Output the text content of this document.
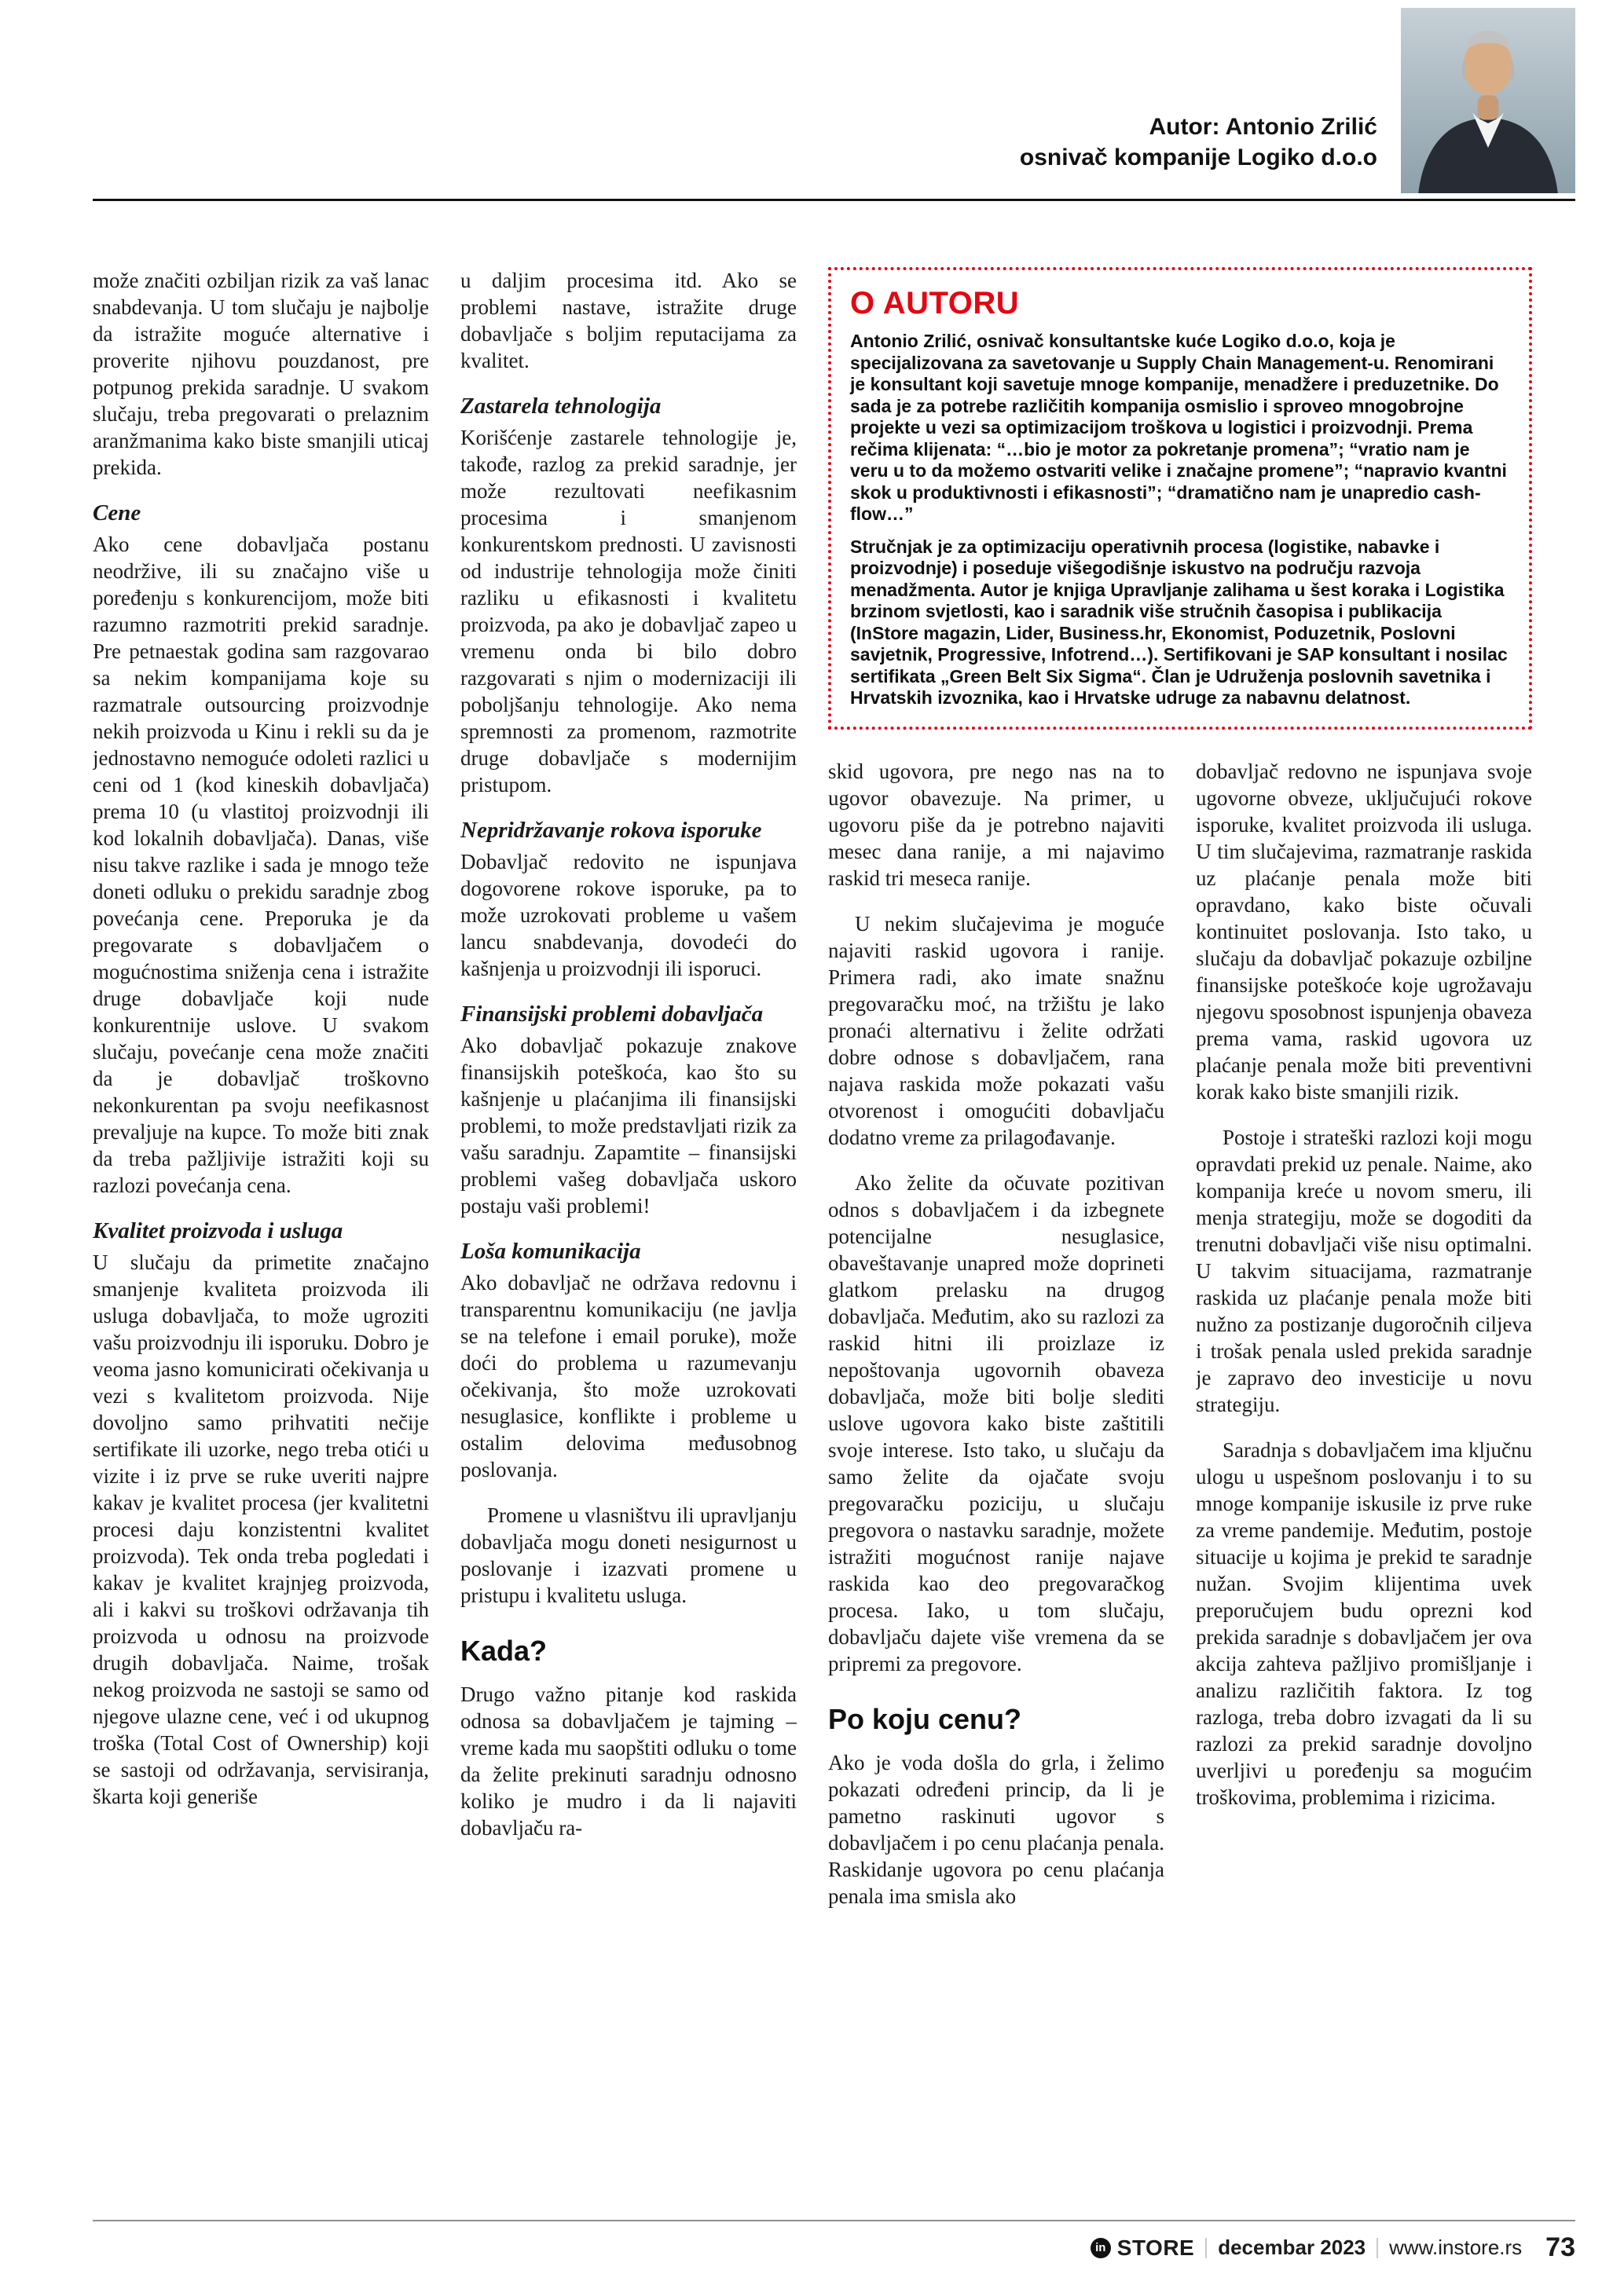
Autor: Antonio Zrilić
osnivač kompanije Logiko d.o.o

može značiti ozbiljan rizik za vaš lanac snabdevanja. U tom slučaju je najbolje da istražite moguće alternative i proverite njihovu pouzdanost, pre potpunog prekida saradnje. U svakom slučaju, treba pregovarati o prelaznim aranžmanima kako biste smanjili uticaj prekida.

Cene

Ako cene dobavljača postanu neodržive, ili su značajno više u poređenju s konkurencijom, može biti razumno razmotriti prekid saradnje. Pre petnaestak godina sam razgovarao sa nekim kompanijama koje su razmatrale outsourcing proizvodnje nekih proizvoda u Kinu i rekli su da je jednostavno nemoguće odoleti razlici u ceni od 1 (kod kineskih dobavljača) prema 10 (u vlastitoj proizvodnji ili kod lokalnih dobavljača). Danas, više nisu takve razlike i sada je mnogo teže doneti odluku o prekidu saradnje zbog povećanja cene. Preporuka je da pregovarate s dobavljačem o mogućnostima sniženja cena i istražite druge dobavljače koji nude konkurentnije uslove. U svakom slučaju, povećanje cena može značiti da je dobavljač troškovno nekonkurentan pa svoju neefikasnost prevaljuje na kupce. To može biti znak da treba pažljivije istražiti koji su razlozi povećanja cena.

Kvalitet proizvoda i usluga

U slučaju da primetite značajno smanjenje kvaliteta proizvoda ili usluga dobavljača, to može ugroziti vašu proizvodnju ili isporuku. Dobro je veoma jasno komunicirati očekivanja u vezi s kvalitetom proizvoda. Nije dovoljno samo prihvatiti nečije sertifikate ili uzorke, nego treba otići u vizite i iz prve se ruke uveriti najpre kakav je kvalitet procesa (jer kvalitetni procesi daju konzistentni kvalitet proizvoda). Tek onda treba pogledati i kakav je kvalitet krajnjeg proizvoda, ali i kakvi su troškovi održavanja tih proizvoda u odnosu na proizvode drugih dobavljača. Naime, trošak nekog proizvoda ne sastoji se samo od njegove ulazne cene, već i od ukupnog troška (Total Cost of Ownership) koji se sastoji od održavanja, servisiranja, škarta koji generiše

u daljim procesima itd. Ako se problemi nastave, istražite druge dobavljače s boljim reputacijama za kvalitet.

Zastarela tehnologija

Korišćenje zastarele tehnologije je, takođe, razlog za prekid saradnje, jer može rezultovati neefikasnim procesima i smanjenom konkurentskom prednosti. U zavisnosti od industrije tehnologija može činiti razliku u efikasnosti i kvalitetu proizvoda, pa ako je dobavljač zapeo u vremenu onda bi bilo dobro razgovarati s njim o modernizaciji ili poboljšanju tehnologije. Ako nema spremnosti za promenom, razmotrite druge dobavljače s modernijim pristupom.

Nepridržavanje rokova isporuke

Dobavljač redovito ne ispunjava dogovorene rokove isporuke, pa to može uzrokovati probleme u vašem lancu snabdevanja, dovodeći do kašnjenja u proizvodnji ili isporuci.

Finansijski problemi dobavljača

Ako dobavljač pokazuje znakove finansijskih poteškoća, kao što su kašnjenje u plaćanjima ili finansijski problemi, to može predstavljati rizik za vašu saradnju. Zapamtite – finansijski problemi vašeg dobavljača uskoro postaju vaši problemi!

Loša komunikacija

Ako dobavljač ne održava redovnu i transparentnu komunikaciju (ne javlja se na telefone i email poruke), može doći do problema u razumevanju očekivanja, što može uzrokovati nesuglasice, konflikte i probleme u ostalim delovima međusobnog poslovanja.

Promene u vlasništvu ili upravljanju dobavljača mogu doneti nesigurnost u poslovanje i izazvati promene u pristupu i kvalitetu usluga.

Kada?

Drugo važno pitanje kod raskida odnosa sa dobavljačem je tajming – vreme kada mu saopštiti odluku o tome da želite prekinuti saradnju odnosno koliko je mudro i da li najaviti dobavljaču ra-

O AUTORU

Antonio Zrilić, osnivač konsultantske kuće Logiko d.o.o, koja je specijalizovana za savetovanje u Supply Chain Management-u. Renomirani je konsultant koji savetuje mnoge kompanije, menadžere i preduzetnike. Do sada je za potrebe različitih kompanija osmislio i sproveo mnogobrojne projekte u vezi sa optimizacijom troškova u logistici i proizvodnji. Prema rečima klijenata: “…bio je motor za pokretanje promena”; “vratio nam je veru u to da možemo ostvariti velike i značajne promene”; “napravio kvantni skok u produktivnosti i efikasnosti”; “dramatično nam je unapredio cash-flow…”

Stručnjak je za optimizaciju operativnih procesa (logistike, nabavke i proizvodnje) i poseduje višegodišnje iskustvo na području razvoja menadžmenta. Autor je knjiga Upravljanje zalihama u šest koraka i Logistika brzinom svjetlosti, kao i saradnik više stručnih časopisa i publikacija (InStore magazin, Lider, Business.hr, Ekonomist, Poduzetnik, Poslovni savjetnik, Progressive, Infotrend…). Sertifikovani je SAP konsultant i nosilac sertifikata „Green Belt Six Sigma“. Član je Udruženja poslovnih savetnika i Hrvatskih izvoznika, kao i Hrvatske udruge za nabavnu delatnost.

skid ugovora, pre nego nas na to ugovor obavezuje. Na primer, u ugovoru piše da je potrebno najaviti mesec dana ranije, a mi najavimo raskid tri meseca ranije.

U nekim slučajevima je moguće najaviti raskid ugovora i ranije. Primera radi, ako imate snažnu pregovaračku moć, na tržištu je lako pronaći alternativu i želite održati dobre odnose s dobavljačem, rana najava raskida može pokazati vašu otvorenost i omogućiti dobavljaču dodatno vreme za prilagođavanje.

Ako želite da očuvate pozitivan odnos s dobavljačem i da izbegnete potencijalne nesuglasice, obaveštavanje unapred može doprineti glatkom prelasku na drugog dobavljača. Međutim, ako su razlozi za raskid hitni ili proizlaze iz nepoštovanja ugovornih obaveza dobavljača, može biti bolje slediti uslove ugovora kako biste zaštitili svoje interese. Isto tako, u slučaju da samo želite da ojačate svoju pregovaračku poziciju, u slučaju pregovora o nastavku saradnje, možete istražiti mogućnost ranije najave raskida kao deo pregovaračkog procesa. Iako, u tom slučaju, dobavljaču dajete više vremena da se pripremi za pregovore.

Po koju cenu?

Ako je voda došla do grla, i želimo pokazati određeni princip, da li je pametno raskinuti ugovor s dobavljačem i po cenu plaćanja penala. Raskidanje ugovora po cenu plaćanja penala ima smisla ako

dobavljač redovno ne ispunjava svoje ugovorne obveze, uključujući rokove isporuke, kvalitet proizvoda ili usluga. U tim slučajevima, razmatranje raskida uz plaćanje penala može biti opravdano, kako biste očuvali kontinuitet poslovanja. Isto tako, u slučaju da dobavljač pokazuje ozbiljne finansijske poteškoće koje ugrožavaju njegovu sposobnost ispunjenja obaveza prema vama, raskid ugovora uz plaćanje penala može biti preventivni korak kako biste smanjili rizik.

Postoje i strateški razlozi koji mogu opravdati prekid uz penale. Naime, ako kompanija kreće u novom smeru, ili menja strategiju, može se dogoditi da trenutni dobavljači više nisu optimalni. U takvim situacijama, razmatranje raskida uz plaćanje penala može biti nužno za postizanje dugoročnih ciljeva i trošak penala usled prekida saradnje je zapravo deo investicije u novu strategiju.

Saradnja s dobavljačem ima ključnu ulogu u uspešnom poslovanju i to su mnoge kompanije iskusile iz prve ruke za vreme pandemije. Međutim, postoje situacije u kojima je prekid te saradnje nužan. Svojim klijentima uvek preporučujem budu oprezni kod prekida saradnje s dobavljačem jer ova akcija zahteva pažljivo promišljanje i analizu različitih faktora. Iz tog razloga, treba dobro izvagati da li su razlozi za prekid saradnje dovoljno uverljivi u poređenju sa mogućim troškovima, problemima i rizicima.

in STORE decembar 2023 www.instore.rs 73
